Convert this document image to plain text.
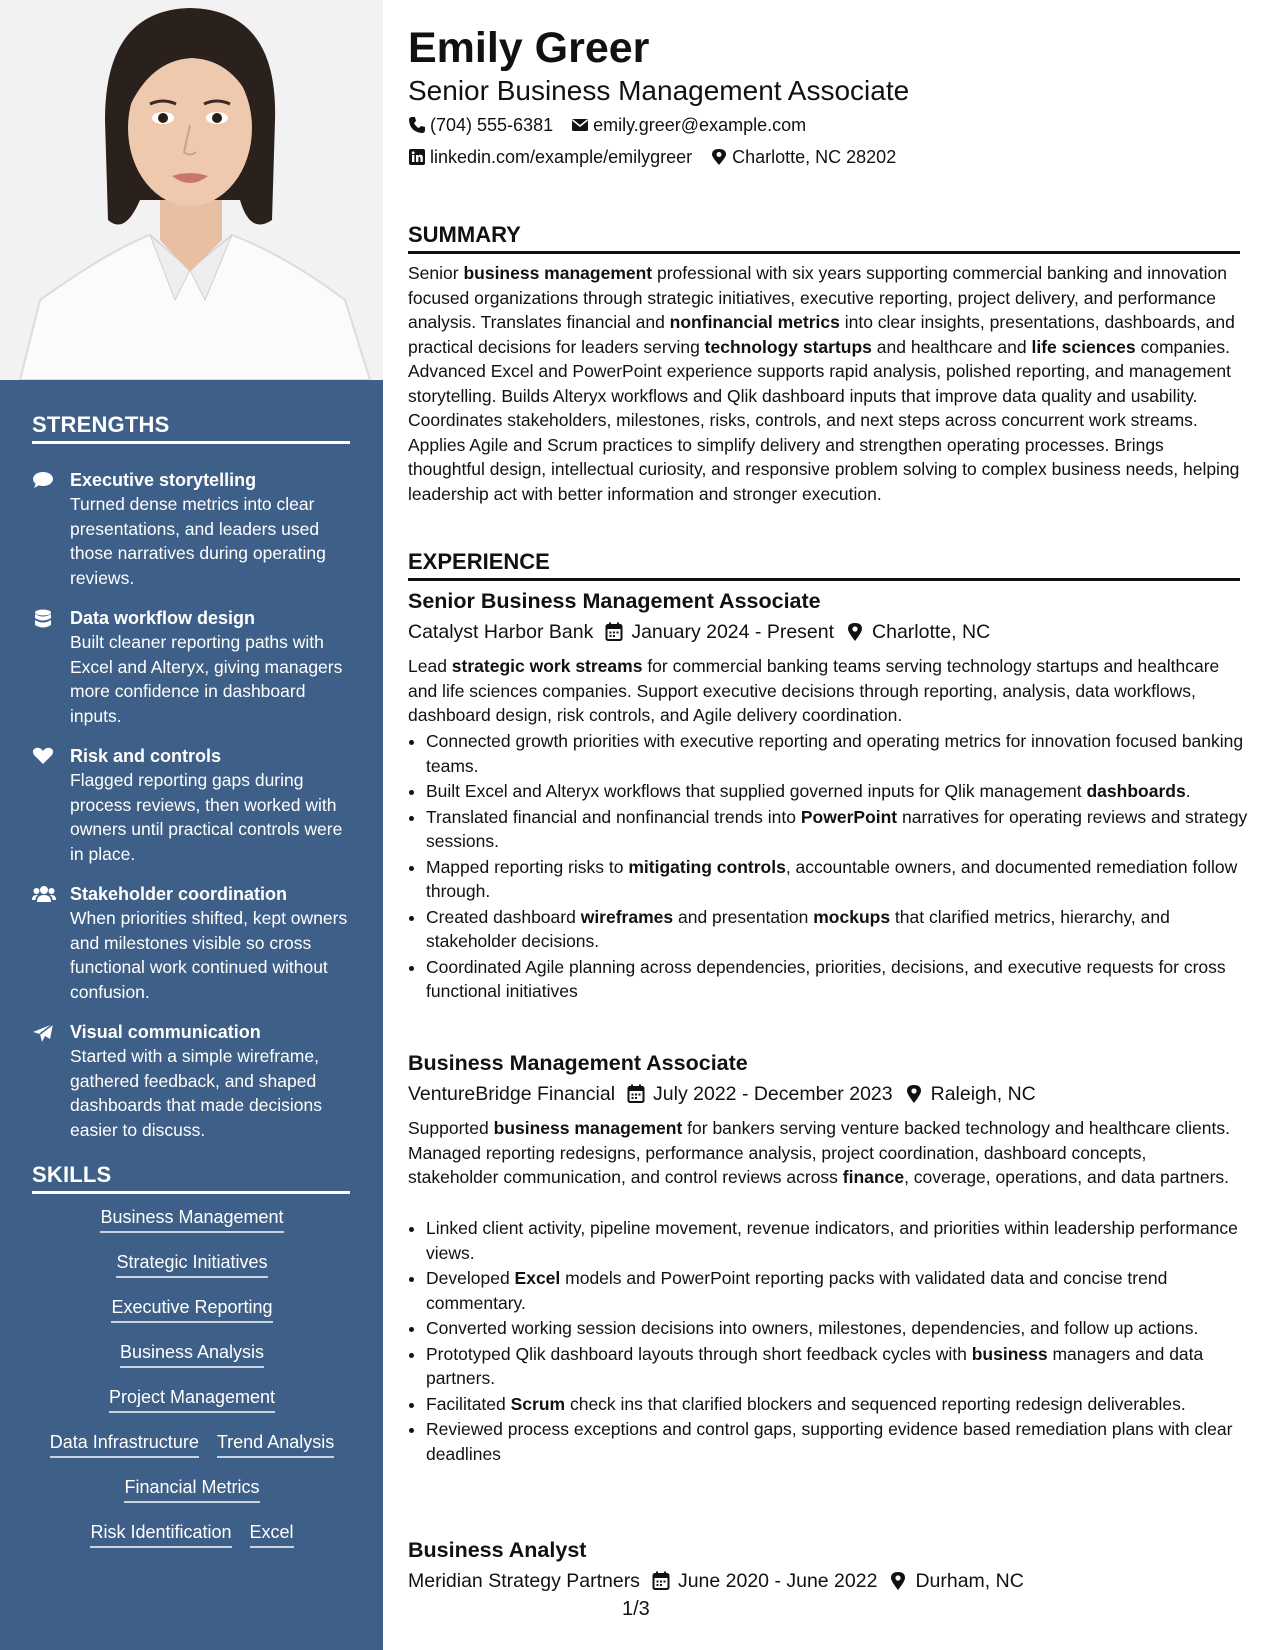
STRENGTHS
Executive storytelling
Turned dense metrics into clear presentations, and leaders used those narratives during operating reviews.
Data workflow design
Built cleaner reporting paths with Excel and Alteryx, giving managers more confidence in dashboard inputs.
Risk and controls
Flagged reporting gaps during process reviews, then worked with owners until practical controls were in place.
Stakeholder coordination
When priorities shifted, kept owners and milestones visible so cross functional work continued without confusion.
Visual communication
Started with a simple wireframe, gathered feedback, and shaped dashboards that made decisions easier to discuss.
SKILLS
Business Management
Strategic Initiatives
Executive Reporting
Business Analysis
Project Management
Data Infrastructure Trend Analysis
Financial Metrics
Risk Identification Excel
Emily Greer
Senior Business Management Associate
(704) 555-6381 emily.greer@example.com
linkedin.com/example/emilygreer Charlotte, NC 28202
SUMMARY
Senior business management professional with six years supporting commercial banking and innovation focused organizations through strategic initiatives, executive reporting, project delivery, and performance analysis. Translates financial and nonfinancial metrics into clear insights, presentations, dashboards, and practical decisions for leaders serving technology startups and healthcare and life sciences companies. Advanced Excel and PowerPoint experience supports rapid analysis, polished reporting, and management storytelling. Builds Alteryx workflows and Qlik dashboard inputs that improve data quality and usability. Coordinates stakeholders, milestones, risks, controls, and next steps across concurrent work streams. Applies Agile and Scrum practices to simplify delivery and strengthen operating processes. Brings thoughtful design, intellectual curiosity, and responsive problem solving to complex business needs, helping leadership act with better information and stronger execution.
EXPERIENCE
Senior Business Management Associate
Catalyst Harbor Bank January 2024 - Present Charlotte, NC
Lead strategic work streams for commercial banking teams serving technology startups and healthcare and life sciences companies. Support executive decisions through reporting, analysis, data workflows, dashboard design, risk controls, and Agile delivery coordination.
• Connected growth priorities with executive reporting and operating metrics for innovation focused banking teams.
• Built Excel and Alteryx workflows that supplied governed inputs for Qlik management dashboards.
• Translated financial and nonfinancial trends into PowerPoint narratives for operating reviews and strategy sessions.
• Mapped reporting risks to mitigating controls, accountable owners, and documented remediation follow through.
• Created dashboard wireframes and presentation mockups that clarified metrics, hierarchy, and stakeholder decisions.
• Coordinated Agile planning across dependencies, priorities, decisions, and executive requests for cross functional initiatives
Business Management Associate
VentureBridge Financial July 2022 - December 2023 Raleigh, NC
Supported business management for bankers serving venture backed technology and healthcare clients. Managed reporting redesigns, performance analysis, project coordination, dashboard concepts, stakeholder communication, and control reviews across finance, coverage, operations, and data partners.
• Linked client activity, pipeline movement, revenue indicators, and priorities within leadership performance views.
• Developed Excel models and PowerPoint reporting packs with validated data and concise trend commentary.
• Converted working session decisions into owners, milestones, dependencies, and follow up actions.
• Prototyped Qlik dashboard layouts through short feedback cycles with business managers and data partners.
• Facilitated Scrum check ins that clarified blockers and sequenced reporting redesign deliverables.
• Reviewed process exceptions and control gaps, supporting evidence based remediation plans with clear deadlines
Business Analyst
Meridian Strategy Partners June 2020 - June 2022 Durham, NC
1/3
